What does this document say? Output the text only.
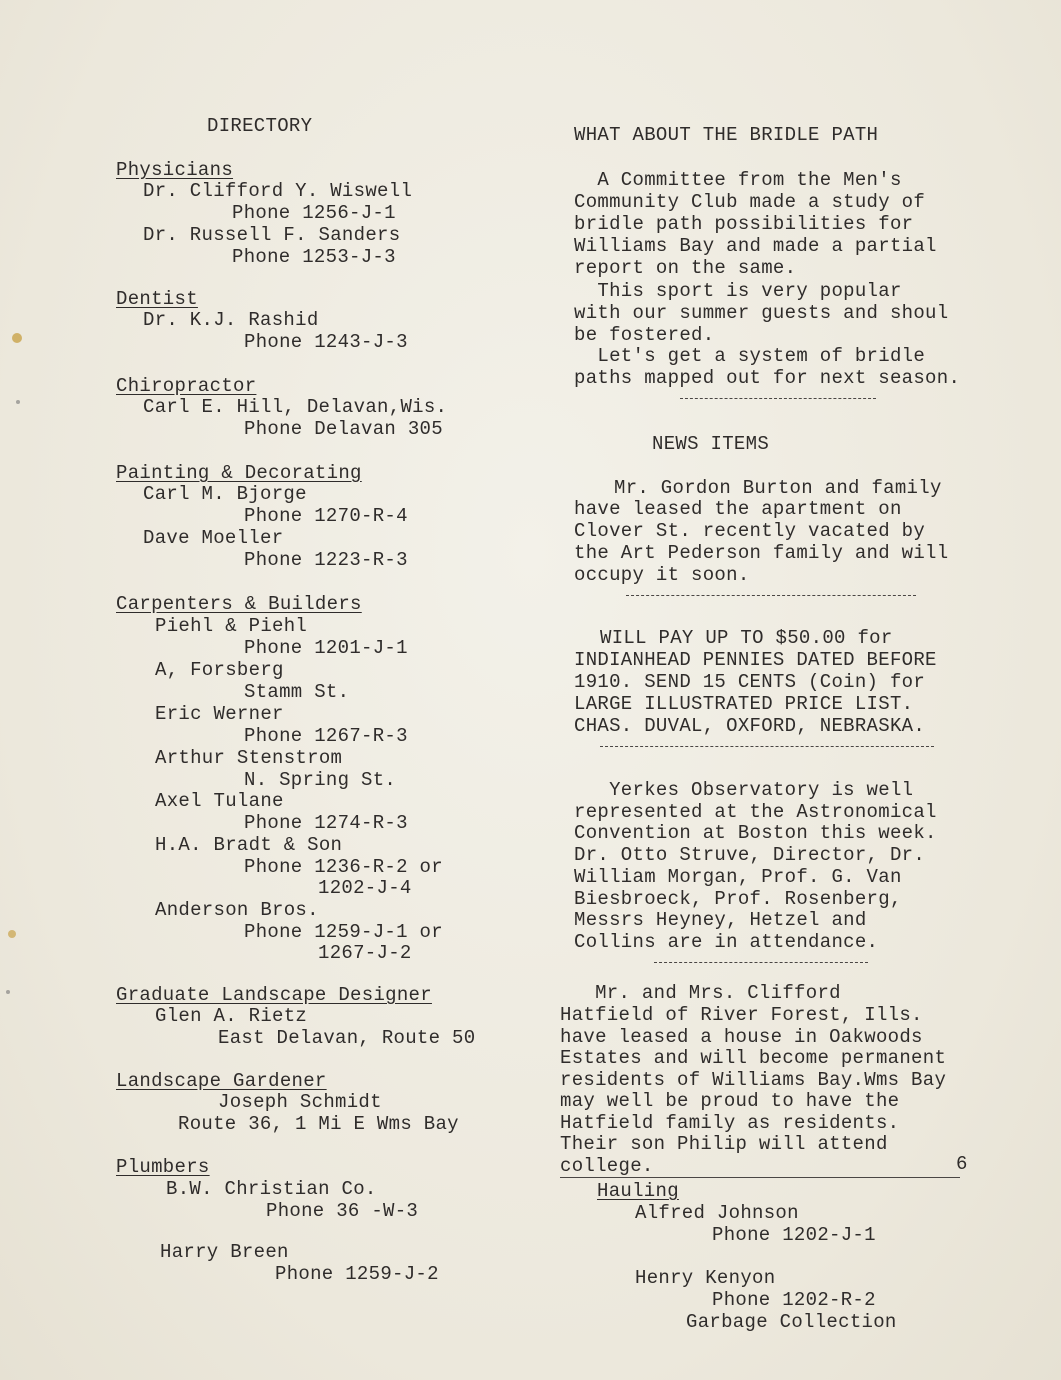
DIRECTORY
Physicians
Dr. Clifford Y. Wiswell
Phone 1256-J-1
Dr. Russell F. Sanders
Phone 1253-J-3
Dentist
Dr. K.J. Rashid
Phone 1243-J-3
Chiropractor
Carl E. Hill, Delavan,Wis.
Phone Delavan 305
Painting & Decorating
Carl M. Bjorge
Phone 1270-R-4
Dave Moeller
Phone 1223-R-3
Carpenters & Builders
Piehl & Piehl
Phone 1201-J-1
A, Forsberg
Stamm St.
Eric Werner
Phone 1267-R-3
Arthur Stenstrom
N. Spring St.
Axel Tulane
Phone 1274-R-3
H.A. Bradt & Son
Phone 1236-R-2 or
1202-J-4
Anderson Bros.
Phone 1259-J-1 or
1267-J-2
Graduate Landscape Designer
Glen A. Rietz
East Delavan, Route 50
Landscape Gardener
Joseph Schmidt
Route 36, 1 Mi E Wms Bay
Plumbers
B.W. Christian Co.
Phone 36 -W-3
Harry Breen
Phone 1259-J-2
WHAT ABOUT THE BRIDLE PATH
A Committee from the Men's
Community Club made a study of
bridle path possibilities for
Williams Bay and made a partial
report on the same.
This sport is very popular
with our summer guests and shoul
be fostered.
Let's get a system of bridle
paths mapped out for next season.
NEWS ITEMS
Mr. Gordon Burton and family
have leased the apartment on
Clover St. recently vacated by
the Art Pederson family and will
occupy it soon.
WILL PAY UP TO $50.00 for
INDIANHEAD PENNIES DATED BEFORE
1910. SEND 15 CENTS (Coin) for
LARGE ILLUSTRATED PRICE LIST.
CHAS. DUVAL, OXFORD, NEBRASKA.
Yerkes Observatory is well
represented at the Astronomical
Convention at Boston this week.
Dr. Otto Struve, Director, Dr.
William Morgan, Prof. G. Van
Biesbroeck, Prof. Rosenberg,
Messrs Heyney, Hetzel and
Collins are in attendance.
Mr. and Mrs. Clifford
Hatfield of River Forest, Ills.
have leased a house in Oakwoods
Estates and will become permanent
residents of Williams Bay.Wms Bay
may well be proud to have the
Hatfield family as residents.
Their son Philip will attend
college.	6
Hauling
Alfred Johnson
Phone 1202-J-1
Henry Kenyon
Phone 1202-R-2
Garbage Collection
